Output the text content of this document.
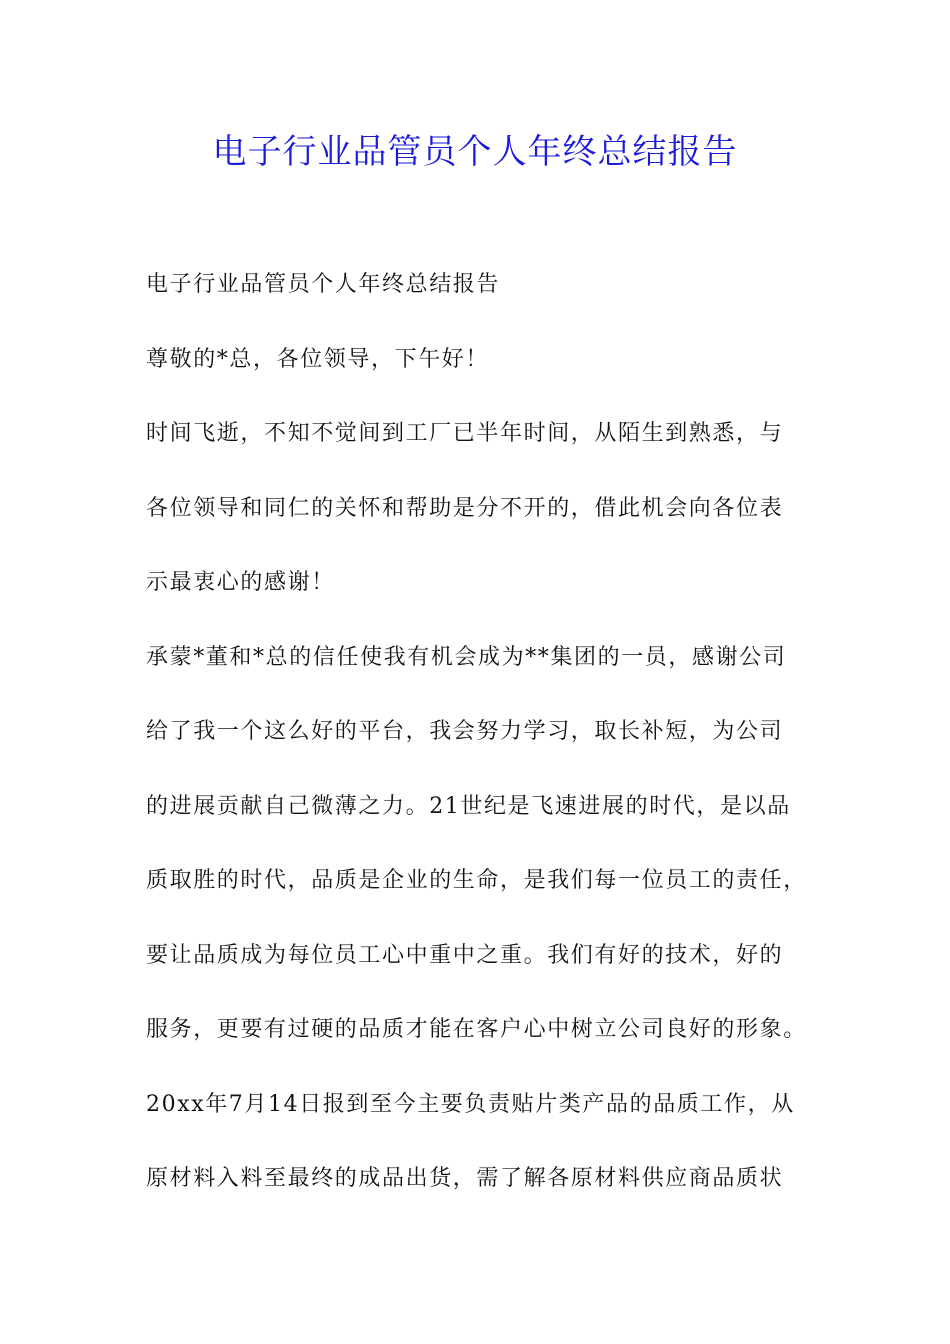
电子行业品管员个人年终总结报告
电子行业品管员个人年终总结报告
尊敬的*总，各位领导，下午好！
时间飞逝，不知不觉间到工厂已半年时间，从陌生到熟悉，与
各位领导和同仁的关怀和帮助是分不开的，借此机会向各位表
示最衷心的感谢！
承蒙*董和*总的信任使我有机会成为**集团的一员，感谢公司
给了我一个这么好的平台，我会努力学习，取长补短，为公司
的进展贡献自己微薄之力。21世纪是飞速进展的时代，是以品
质取胜的时代，品质是企业的生命，是我们每一位员工的责任，
要让品质成为每位员工心中重中之重。我们有好的技术，好的
服务，更要有过硬的品质才能在客户心中树立公司良好的形象。
20xx年7月14日报到至今主要负责贴片类产品的品质工作，从
原材料入料至最终的成品出货，需了解各原材料供应商品质状
